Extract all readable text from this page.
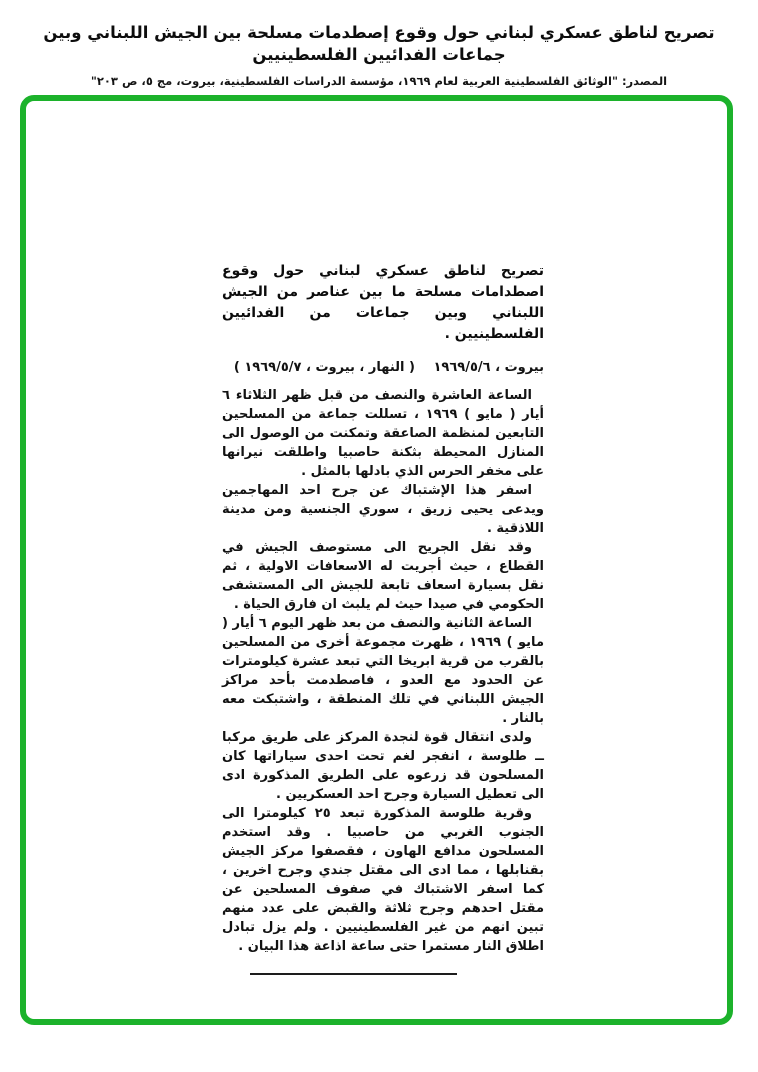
تصريح لناطق عسكري لبناني حول وقوع إصطدمات مسلحة بين الجيش اللبناني وبين جماعات الفدائيين الفلسطينيين
المصدر: "الوثائق الفلسطينية العربية لعام ١٩٦٩، مؤسسة الدراسات الفلسطينية، بيروت، مج ٥، ص ٢٠٣"
تصريح لناطق عسكري لبناني حول وقوع اصطدامات مسلحة ما بين عناصر من الجيش اللبناني وبين جماعات من الفدائيين الفلسطينيين .
بيروت ، ١٩٦٩/٥/٦ ( النهار ، بيروت ، ١٩٦٩/٥/٧ )

الساعة العاشرة والنصف من قبل ظهر الثلاثاء ٦ أيار ( مايو ) ١٩٦٩ ، تسللت جماعة من المسلحين التابعين لمنظمة الصاعقة وتمكنت من الوصول الى المنازل المحيطة بثكنة حاصبيا واطلقت نيرانها على مخفر الحرس الذي بادلها بالمثل .

اسفر هذا الإشتباك عن جرح احد المهاجمين ويدعى يحيى زريق ، سوري الجنسية ومن مدينة اللاذقية .

وقد نقل الجريح الى مستوصف الجيش في القطاع ، حيث أجريت له الاسعافات الاولية ، ثم نقل بسيارة اسعاف تابعة للجيش الى المستشفى الحكومي في صيدا حيث لم يلبث ان فارق الحياة .

الساعة الثانية والنصف من بعد ظهر اليوم ٦ أيار ( مايو ) ١٩٦٩ ، ظهرت مجموعة أخرى من المسلحين بالقرب من قرية ابريخا التي تبعد عشرة كيلومترات عن الحدود مع العدو ، فاصطدمت بأحد مراكز الجيش اللبناني في تلك المنطقة ، واشتبكت معه بالنار .

ولدى انتقال قوة لنجدة المركز على طريق مركبا ــ طلوسة ، انفجر لغم تحت احدى سياراتها كان المسلحون قد زرعوه على الطريق المذكورة ادى الى تعطيل السيارة وجرح احد العسكريين .

وقرية طلوسة المذكورة تبعد ٢٥ كيلومترا الى الجنوب الغربي من حاصبيا . وقد استخدم المسلحون مدافع الهاون ، فقصفوا مركز الجيش بقنابلها ، مما ادى الى مقتل جندي وجرح اخرين ، كما اسفر الاشتباك في صفوف المسلحين عن مقتل احدهم وجرح ثلاثة والقبض على عدد منهم تبين انهم من غير الفلسطينيين . ولم يزل تبادل اطلاق النار مستمرا حتى ساعة اذاعة هذا البيان .
